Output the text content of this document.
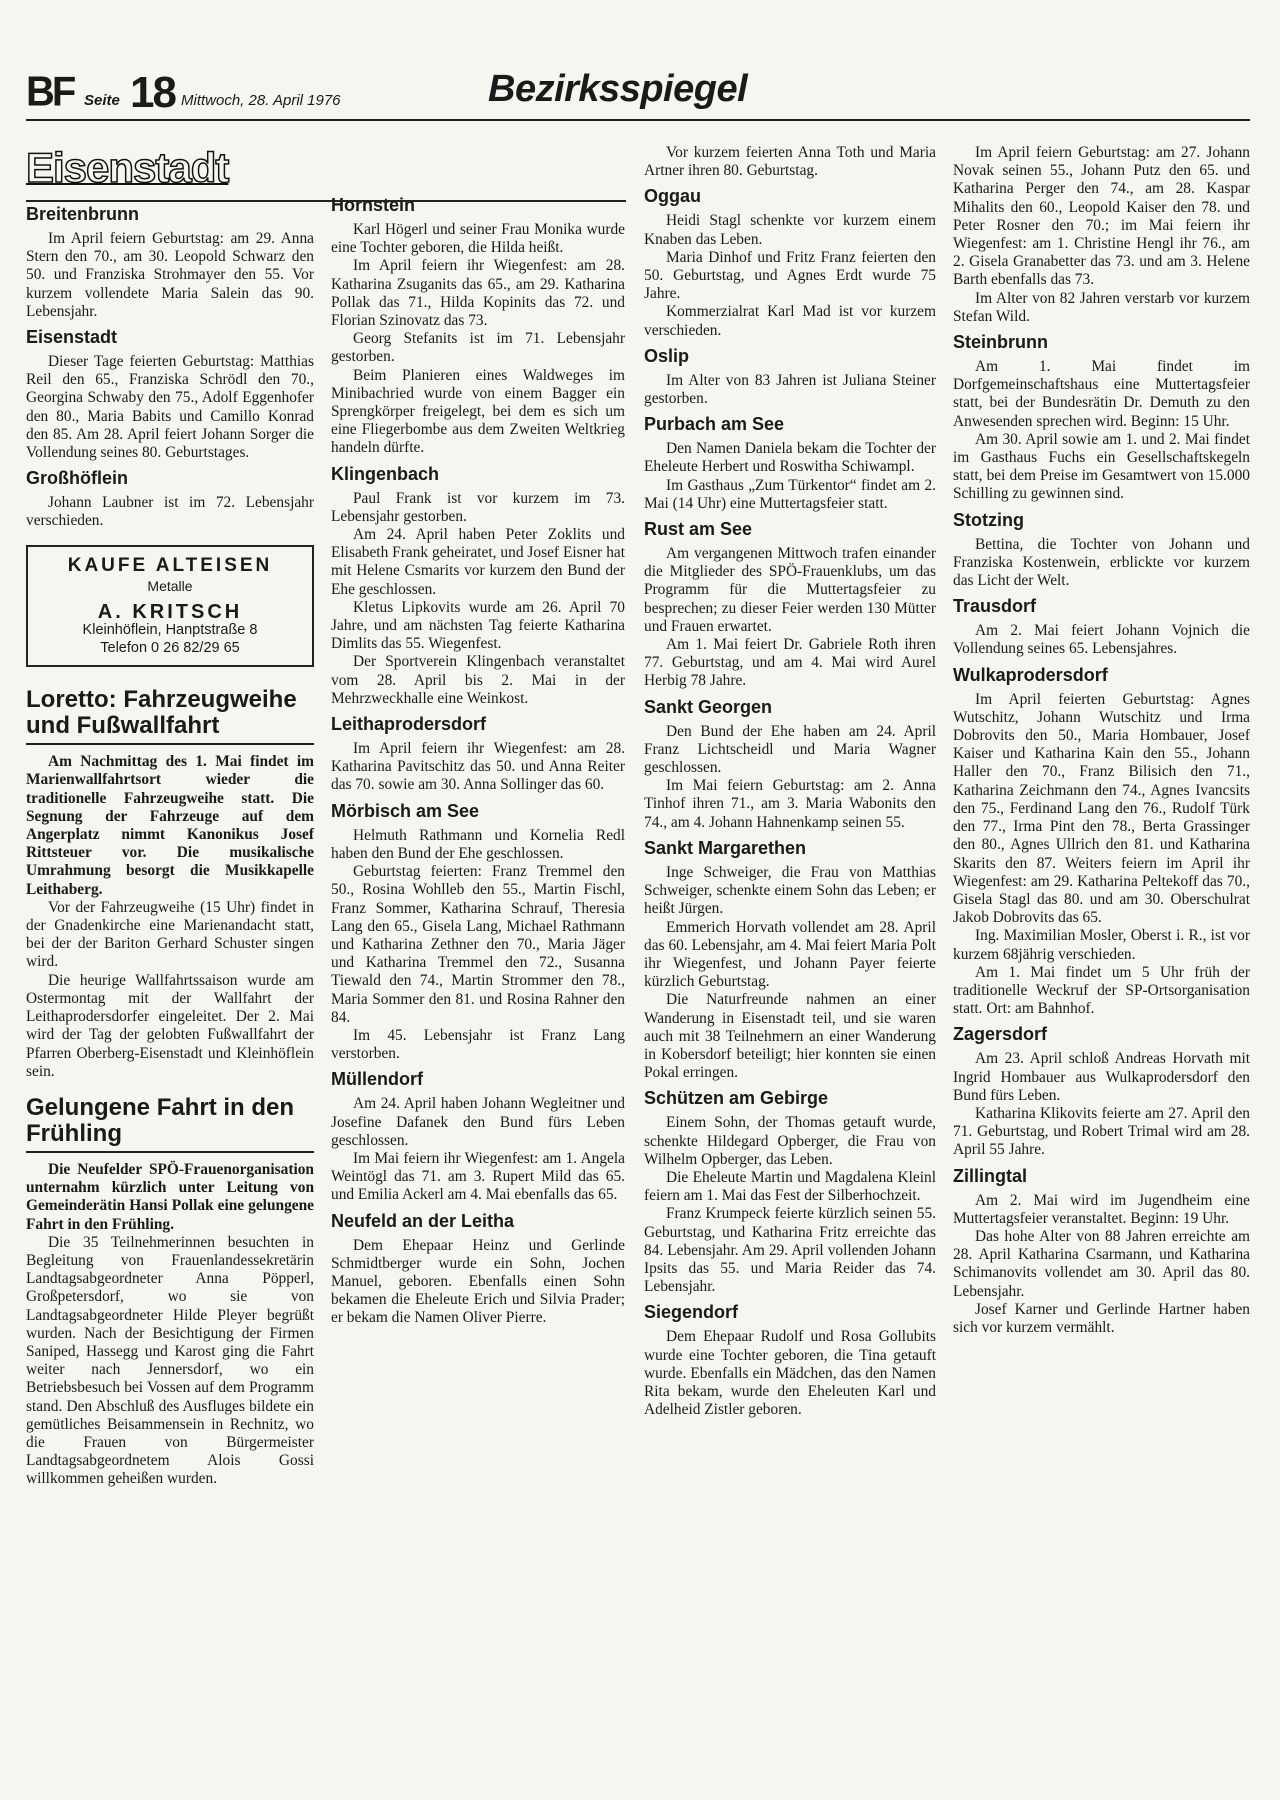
BF Seite 18 Mittwoch, 28. April 1976	Bezirksspiegel
Eisenstadt
Breitenbrunn

Im April feiern Geburtstag: am 29. Anna Stern den 70., am 30. Leopold Schwarz den 50. und Franziska Strohmayer den 55. Vor kurzem vollendete Maria Salein das 90. Lebensjahr.

Eisenstadt

Dieser Tage feierten Geburtstag: Matthias Reil den 65., Franziska Schrödl den 70., Georgina Schwaby den 75., Adolf Eggenhofer den 80., Maria Babits und Camillo Konrad den 85. Am 28. April feiert Johann Sorger die Vollendung seines 80. Geburtstages.

Großhöflein

Johann Laubner ist im 72. Lebensjahr verschieden.

KAUFE ALTEISEN
Metalle
A. KRITSCH
Kleinhöflein, Hanptstraße 8
Telefon 0 26 82/29 65
Loretto: Fahrzeugweihe und Fußwallfahrt

Am Nachmittag des 1. Mai findet im Marienwallfahrtsort wieder die traditionelle Fahrzeugweihe statt. Die Segnung der Fahrzeuge auf dem Angerplatz nimmt Kanonikus Josef Rittsteuer vor. Die musikalische Umrahmung besorgt die Musikkapelle Leithaberg.

Vor der Fahrzeugweihe (15 Uhr) findet in der Gnadenkirche eine Marienandacht statt, bei der der Bariton Gerhard Schuster singen wird.

Die heurige Wallfahrtssaison wurde am Ostermontag mit der Wallfahrt der Leithaprodersdorfer eingeleitet. Der 2. Mai wird der Tag der gelobten Fußwallfahrt der Pfarren Oberberg-Eisenstadt und Kleinhöflein sein.

Gelungene Fahrt in den Frühling

Die Neufelder SPÖ-Frauenorganisation unternahm kürzlich unter Leitung von Gemeinderätin Hansi Pollak eine gelungene Fahrt in den Frühling.

Die 35 Teilnehmerinnen besuchten in Begleitung von Frauenlandessekretärin Landtagsabgeordneter Anna Pöpperl, Großpetersdorf, wo sie von Landtagsabgeordneter Hilde Pleyer begrüßt wurden. Nach der Besichtigung der Firmen Saniped, Hassegg und Karost ging die Fahrt weiter nach Jennersdorf, wo ein Betriebsbesuch bei Vossen auf dem Programm stand. Den Abschluß des Ausfluges bildete ein gemütliches Beisammensein in Rechnitz, wo die Frauen von Bürgermeister Landtagsabgeordnetem Alois Gossi willkommen geheißen wurden.

Hornstein

Karl Högerl und seiner Frau Monika wurde eine Tochter geboren, die Hilda heißt.

Im April feiern ihr Wiegenfest: am 28. Katharina Zsuganits das 65., am 29. Katharina Pollak das 71., Hilda Kopinits das 72. und Florian Szinovatz das 73.

Georg Stefanits ist im 71. Lebensjahr gestorben.

Beim Planieren eines Waldweges im Minibachried wurde von einem Bagger ein Sprengkörper freigelegt, bei dem es sich um eine Fliegerbombe aus dem Zweiten Weltkrieg handeln dürfte.

Klingenbach

Paul Frank ist vor kurzem im 73. Lebensjahr gestorben.

Am 24. April haben Peter Zoklits und Elisabeth Frank geheiratet, und Josef Eisner hat mit Helene Csmarits vor kurzem den Bund der Ehe geschlossen.

Kletus Lipkovits wurde am 26. April 70 Jahre, und am nächsten Tag feierte Katharina Dimlits das 55. Wiegenfest.

Der Sportverein Klingenbach veranstaltet vom 28. April bis 2. Mai in der Mehrzweckhalle eine Weinkost.

Leithaprodersdorf

Im April feiern ihr Wiegenfest: am 28. Katharina Pavitschitz das 50. und Anna Reiter das 70. sowie am 30. Anna Sollinger das 60.

Mörbisch am See

Helmuth Rathmann und Kornelia Redl haben den Bund der Ehe geschlossen.

Geburtstag feierten: Franz Tremmel den 50., Rosina Wohlleb den 55., Martin Fischl, Franz Sommer, Katharina Schrauf, Theresia Lang den 65., Gisela Lang, Michael Rathmann und Katharina Zethner den 70., Maria Jäger und Katharina Tremmel den 72., Susanna Tiewald den 74., Martin Strommer den 78., Maria Sommer den 81. und Rosina Rahner den 84.

Im 45. Lebensjahr ist Franz Lang verstorben.

Müllendorf

Am 24. April haben Johann Wegleitner und Josefine Dafanek den Bund fürs Leben geschlossen.

Im Mai feiern ihr Wiegenfest: am 1. Angela Weintögl das 71. am 3. Rupert Mild das 65. und Emilia Ackerl am 4. Mai ebenfalls das 65.

Neufeld an der Leitha

Dem Ehepaar Heinz und Gerlinde Schmidtberger wurde ein Sohn, Jochen Manuel, geboren. Ebenfalls einen Sohn bekamen die Eheleute Erich und Silvia Prader; er bekam die Namen Oliver Pierre.

Vor kurzem feierten Anna Toth und Maria Artner ihren 80. Geburtstag.

Oggau

Heidi Stagl schenkte vor kurzem einem Knaben das Leben.

Maria Dinhof und Fritz Franz feierten den 50. Geburtstag, und Agnes Erdt wurde 75 Jahre.

Kommerzialrat Karl Mad ist vor kurzem verschieden.

Oslip

Im Alter von 83 Jahren ist Juliana Steiner gestorben.

Purbach am See

Den Namen Daniela bekam die Tochter der Eheleute Herbert und Roswitha Schiwampl.

Im Gasthaus „Zum Türkentor“ findet am 2. Mai (14 Uhr) eine Muttertagsfeier statt.

Rust am See

Am vergangenen Mittwoch trafen einander die Mitglieder des SPÖ-Frauenklubs, um das Programm für die Muttertagsfeier zu besprechen; zu dieser Feier werden 130 Mütter und Frauen erwartet.

Am 1. Mai feiert Dr. Gabriele Roth ihren 77. Geburtstag, und am 4. Mai wird Aurel Herbig 78 Jahre.

Sankt Georgen

Den Bund der Ehe haben am 24. April Franz Lichtscheidl und Maria Wagner geschlossen.

Im Mai feiern Geburtstag: am 2. Anna Tinhof ihren 71., am 3. Maria Wabonits den 74., am 4. Johann Hahnenkamp seinen 55.

Sankt Margarethen

Inge Schweiger, die Frau von Matthias Schweiger, schenkte einem Sohn das Leben; er heißt Jürgen.

Emmerich Horvath vollendet am 28. April das 60. Lebensjahr, am 4. Mai feiert Maria Polt ihr Wiegenfest, und Johann Payer feierte kürzlich Geburtstag.

Die Naturfreunde nahmen an einer Wanderung in Eisenstadt teil, und sie waren auch mit 38 Teilnehmern an einer Wanderung in Kobersdorf beteiligt; hier konnten sie einen Pokal erringen.

Schützen am Gebirge

Einem Sohn, der Thomas getauft wurde, schenkte Hildegard Opberger, die Frau von Wilhelm Opberger, das Leben.

Die Eheleute Martin und Magdalena Kleinl feiern am 1. Mai das Fest der Silberhochzeit.

Franz Krumpeck feierte kürzlich seinen 55. Geburtstag, und Katharina Fritz erreichte das 84. Lebensjahr. Am 29. April vollenden Johann Ipsits das 55. und Maria Reider das 74. Lebensjahr.

Siegendorf

Dem Ehepaar Rudolf und Rosa Gollubits wurde eine Tochter geboren, die Tina getauft wurde. Ebenfalls ein Mädchen, das den Namen Rita bekam, wurde den Eheleuten Karl und Adelheid Zistler geboren.

Im April feiern Geburtstag: am 27. Johann Novak seinen 55., Johann Putz den 65. und Katharina Perger den 74., am 28. Kaspar Mihalits den 60., Leopold Kaiser den 78. und Peter Rosner den 70.; im Mai feiern ihr Wiegenfest: am 1. Christine Hengl ihr 76., am 2. Gisela Granabetter das 73. und am 3. Helene Barth ebenfalls das 73.

Im Alter von 82 Jahren verstarb vor kurzem Stefan Wild.

Steinbrunn

Am 1. Mai findet im Dorfgemeinschaftshaus eine Muttertagsfeier statt, bei der Bundesrätin Dr. Demuth zu den Anwesenden sprechen wird. Beginn: 15 Uhr.

Am 30. April sowie am 1. und 2. Mai findet im Gasthaus Fuchs ein Gesellschaftskegeln statt, bei dem Preise im Gesamtwert von 15.000 Schilling zu gewinnen sind.

Stotzing

Bettina, die Tochter von Johann und Franziska Kostenwein, erblickte vor kurzem das Licht der Welt.

Trausdorf

Am 2. Mai feiert Johann Vojnich die Vollendung seines 65. Lebensjahres.

Wulkaprodersdorf

Im April feierten Geburtstag: Agnes Wutschitz, Johann Wutschitz und Irma Dobrovits den 50., Maria Hombauer, Josef Kaiser und Katharina Kain den 55., Johann Haller den 70., Franz Bilisich den 71., Katharina Zeichmann den 74., Agnes Ivancsits den 75., Ferdinand Lang den 76., Rudolf Türk den 77., Irma Pint den 78., Berta Grassinger den 80., Agnes Ullrich den 81. und Katharina Skarits den 87. Weiters feiern im April ihr Wiegenfest: am 29. Katharina Peltekoff das 70., Gisela Stagl das 80. und am 30. Oberschulrat Jakob Dobrovits das 65.

Ing. Maximilian Mosler, Oberst i. R., ist vor kurzem 68jährig verschieden.

Am 1. Mai findet um 5 Uhr früh der traditionelle Weckruf der SP-Ortsorganisation statt. Ort: am Bahnhof.

Zagersdorf

Am 23. April schloß Andreas Horvath mit Ingrid Hombauer aus Wulkaprodersdorf den Bund fürs Leben.

Katharina Klikovits feierte am 27. April den 71. Geburtstag, und Robert Trimal wird am 28. April 55 Jahre.

Zillingtal

Am 2. Mai wird im Jugendheim eine Muttertagsfeier veranstaltet. Beginn: 19 Uhr.

Das hohe Alter von 88 Jahren erreichte am 28. April Katharina Csarmann, und Katharina Schimanovits vollendet am 30. April das 80. Lebensjahr.

Josef Karner und Gerlinde Hartner haben sich vor kurzem vermählt.
